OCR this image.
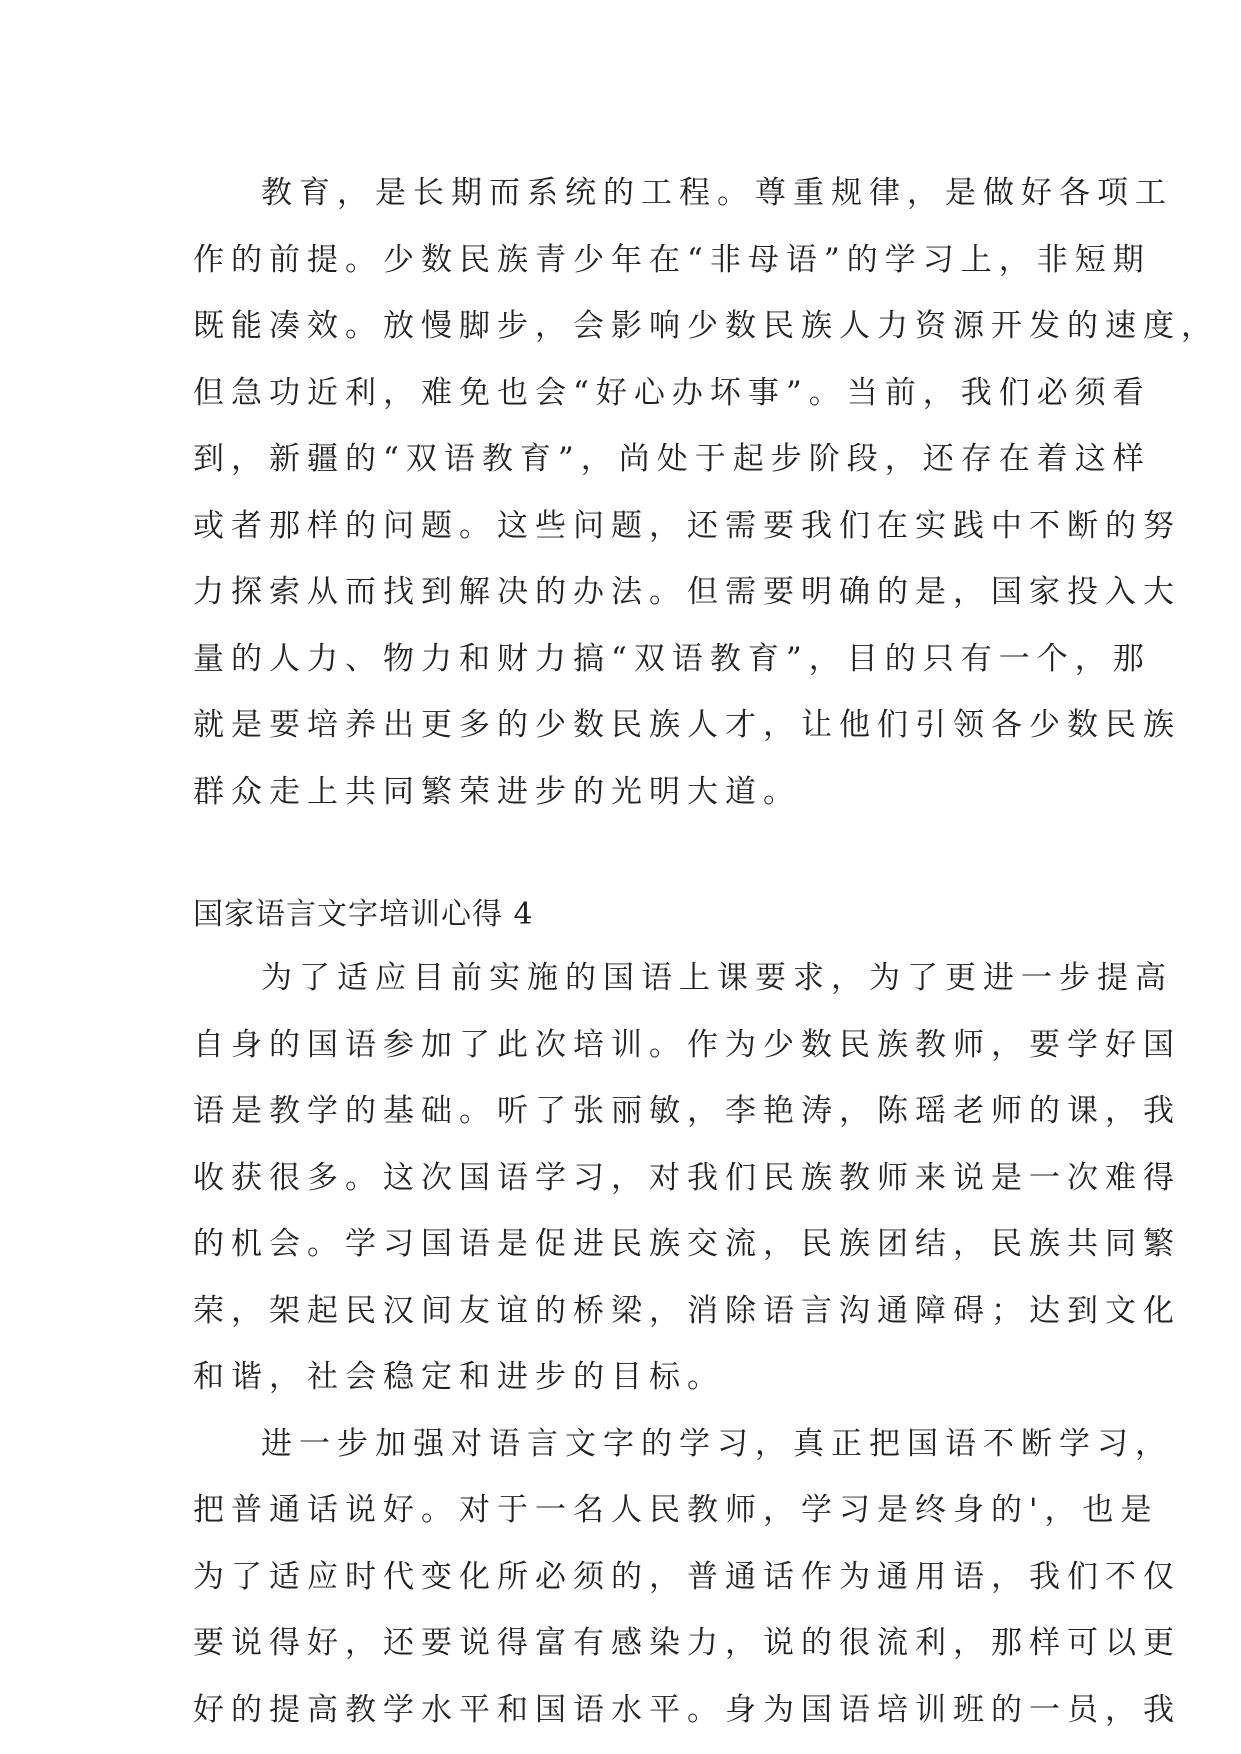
教育，是长期而系统的工程。尊重规律，是做好各项工
作的前提。少数民族青少年在“非母语”的学习上，非短期
既能凑效。放慢脚步，会影响少数民族人力资源开发的速度，
但急功近利，难免也会“好心办坏事”。当前，我们必须看
到，新疆的“双语教育”，尚处于起步阶段，还存在着这样
或者那样的问题。这些问题，还需要我们在实践中不断的努
力探索从而找到解决的办法。但需要明确的是，国家投入大
量的人力、物力和财力搞“双语教育”，目的只有一个，那
就是要培养出更多的少数民族人才，让他们引领各少数民族
群众走上共同繁荣进步的光明大道。
国家语言文字培训心得 4
为了适应目前实施的国语上课要求，为了更进一步提高
自身的国语参加了此次培训。作为少数民族教师，要学好国
语是教学的基础。听了张丽敏，李艳涛，陈瑶老师的课，我
收获很多。这次国语学习，对我们民族教师来说是一次难得
的机会。学习国语是促进民族交流，民族团结，民族共同繁
荣，架起民汉间友谊的桥梁，消除语言沟通障碍；达到文化
和谐，社会稳定和进步的目标。
进一步加强对语言文字的学习，真正把国语不断学习，
把普通话说好。对于一名人民教师，学习是终身的'，也是
为了适应时代变化所必须的，普通话作为通用语，我们不仅
要说得好，还要说得富有感染力，说的很流利，那样可以更
好的提高教学水平和国语水平。身为国语培训班的一员，我
